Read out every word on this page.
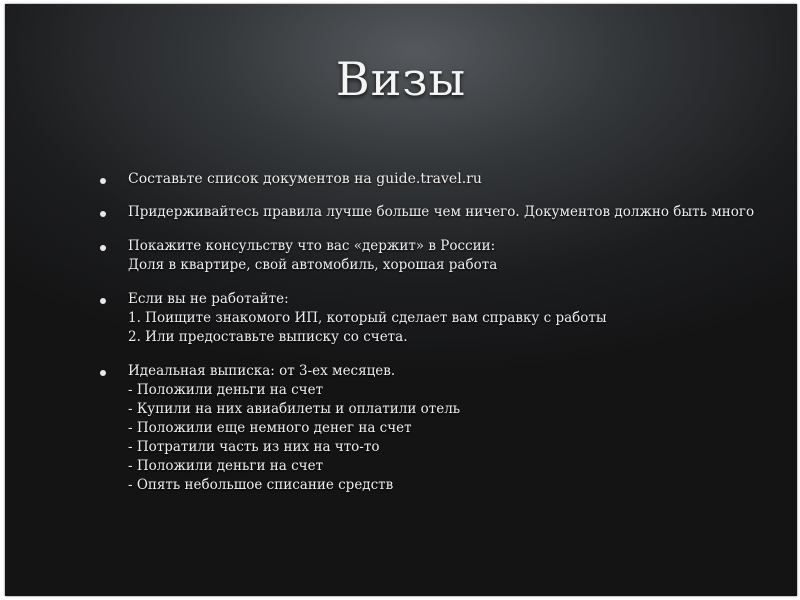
Визы
Составьте список документов на guide.travel.ru
Придерживайтесь правила лучше больше чем ничего. Документов должно быть много
Покажите консульству что вас «держит» в России:
Доля в квартире, свой автомобиль, хорошая работа
Если вы не работайте:
1. Поищите знакомого ИП, который сделает вам справку с работы
2. Или предоставьте выписку со счета.
Идеальная выписка: от 3-ех месяцев.
- Положили деньги на счет
- Купили на них авиабилеты и оплатили отель
- Положили еще немного денег на счет
- Потратили часть из них на что-то
- Положили деньги на счет
- Опять небольшое списание средств
